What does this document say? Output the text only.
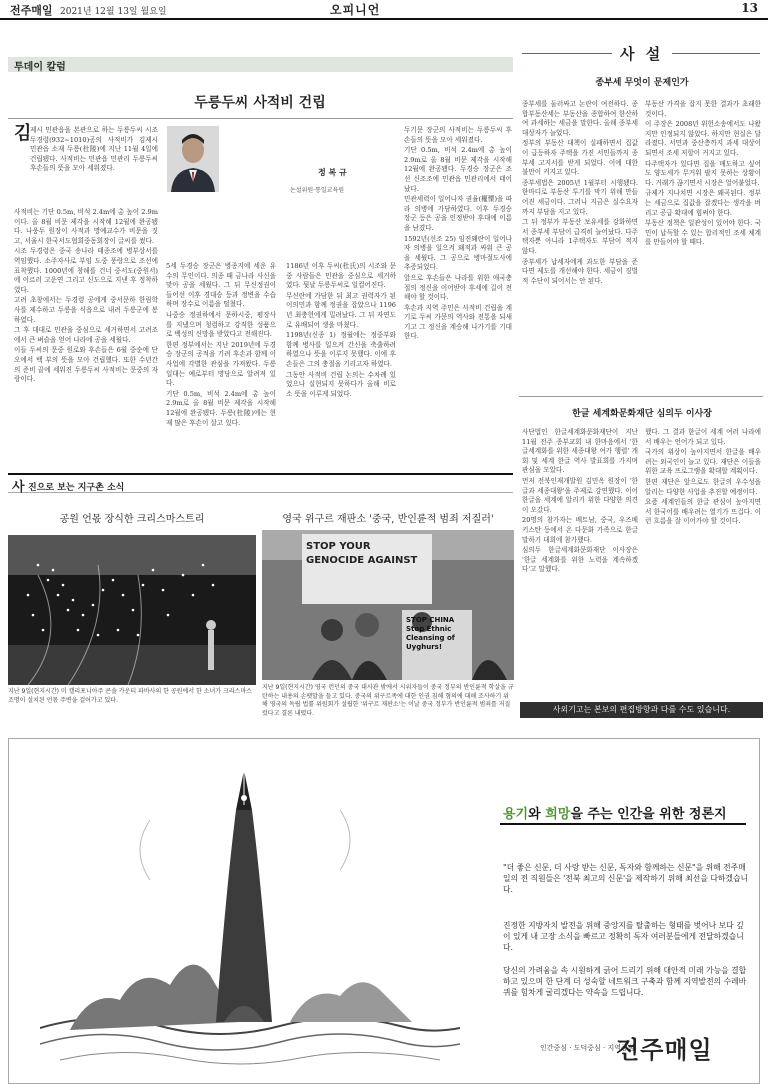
전주매일 2021년 12월 13일 월요일	오피니언	13
투데이 칼럼
두릉두씨 사적비 건립
김

제시 민관읍을 본관으로 하는 두릉두씨 시조 두경령(932~1010)공의 사적비가 김제시 민관읍 소재 두릉(杜陵)에 지난 11월 4일에 건립됐다. 사적비는 민관읍 민관리 두릉두씨 후손들의 뜻을 모아 세워졌다.

사적비는 기단 0.5m, 비석 2.4m에 총 높이 2.9m이다. 올 8월 비문 제각을 시작해 12월에 완공됐다. 나웅두 원장이 사적과 명예교수가 비문을 짓고, 서울시 한국서도협회중동회장이 글씨를 썼다.

시조 두경령은 중국 송나라 태종조에 병부상서를 역임했다. 소주자사로 부임 도중 풍랑으로 조선에 표착했다. 1000년에 창해를 건너 중서도(중원서)에 이르러 고운연 그리고 신도으로 지낸 후 정착하였다.

고려 초창에서는 두경령 공에게 중서문하 한림학사를 제수하고 두릉을 식읍으로 내려 두릉군에 봉하였다.

그 후 대대로 민관을 중심으로 세거하면서 고려조에서 큰 벼슬을 얻어 나라에 공을 세웠다.

이들 두씨의 문중 원로와 후손들은 6월 중순에 단오에서 백 부의 뜻을 모아 건립했다. 또한 수년간의 준비 끝에 세워진 두릉두씨 사적비는 문중의 자랑이다.

정 복 규
논설위원·통일교육원

5세 두경승 장군은 병종지에 세운 유수의 무인이다. 의종 때 금나라 사신을 맞아 공을 세웠다. 그 뒤 무신정권이 들어선 이후 경대승 등과 정변을 수습하며 장수로 이름을 떨쳤다.

나중승 정권하에서 문하시중, 평장사를 지냈으며 청렴하고 강직한 성품으로 백성의 신망을 받았다고 전해진다.

한편 정부에서는 지난 2019년에 두경승 장군의 공적을 기려 후손과 함께 이 사업에 각별한 관심을 가져왔다. 두릉 일대는 예로부터 명당으로 알려져 있다.

기단 0.5m, 비석 2.4m에 총 높이 2.9m로 올 8월 비문 제각을 시작해 12월에 완공됐다. 두릉(杜陵)에는 현재 많은 후손이 살고 있다.

1186년 이후 두씨(杜氏)의 시조와 문중 사람들은 민관을 중심으로 세거하였다. 뒷날 두릉두씨로 일컬어진다.

무신란에 가담한 뒤 최고 권력자가 된 이의민과 함께 정권을 잡았으나 1196년 최충헌에게 밀려났다. 그 뒤 자연도로 유배되어 생을 마쳤다.

1198년(신종 1) 정월에는 정중부와 함께 병사를 일으켜 간신을 축출하려 하였으나 뜻을 이루지 못했다. 이에 후손들은 그의 충절을 기리고자 하였다.

그동안 사적비 건립 논의는 수차례 있었으나 실현되지 못하다가 올해 비로소 뜻을 이루게 되었다.

두기문 장군의 사적비는 두릉두씨 후손들의 뜻을 모아 세워졌다.

기단 0.5m, 비석 2.4m에 총 높이 2.9m로 올 8월 비문 제각을 시작해 12월에 완공됐다. 두경승 장군은 조선 신조조에 민관읍 민관리에서 태어났다.

민관세력이 일어나자 권율(權慄)을 따라 의병에 가담하였다. 이후 두경승 장군 등은 공을 인정받아 후대에 이름을 남겼다.

1592년(선조 25) 임진왜란이 일어나자 의병을 일으켜 왜적과 싸워 큰 공을 세웠다. 그 공으로 병마절도사에 추증되었다.

앞으로 후손들은 나라를 위한 애국충절의 정신을 이어받아 후세에 길이 전해야 할 것이다.

후손과 지역 주민은 사적비 건립을 계기로 두씨 가문의 역사와 전통을 되새기고 그 정신을 계승해 나가기를 기대한다.

사 진으로 보는 지구촌 소식
공원 언몫 장식한 크리스마스트리	영국 위구르 재판소 '중국, 반인륜적 범죄 저질러'
지난 9일(현지시간) 미 캘리포니아주 콘솔 카운티 파바사의 한 공원에서 한 소녀가 크리스마스 조명이 설치된 언몫 주변을 걸어가고 있다.
STOP YOUR GENOCIDE AGAINST
STOP CHINA Stop Ethnic Cleansing of Uyghurs!
지난 9일(현지시간) 영국 런던의 중국 대사관 밖에서 시위자들이 중국 정부의 반인륜적 학살을 규탄하는 내용의 손팻말을 들고 있다. 중국의 위구르족에 대한 인권 침해 혐의에 대해 조사하기 위해 영국의 독립 법률 위원회가 설립한 '위구르 재판소'는 이날 중국 정부가 반인륜적 범죄를 저질렀다고 결론 내렸다.
사 설
종부세 무엇이 문제인가

종부세를 둘러싸고 논란이 여전하다. 종합부동산세는 부동산을 종합하여 한산하여 과세하는 세금을 말한다. 올해 종부세 대상자가 늘었다.

정부의 부동산 대책이 실패하면서 집값이 급등하자 주택을 가진 서민들까지 종부세 고지서를 받게 되었다. 이에 대한 불만이 커지고 있다.

종부세법은 2005년 1월부터 시행됐다. 한마디로 부동산 투기를 막기 위해 만들어진 세금이다. 그러나 지금은 실수요자까지 부담을 지고 있다.

그 뒤 정부가 부동산 보유세를 강화하면서 종부세 부담이 급격히 늘어났다. 다주택자뿐 아니라 1주택자도 부담이 적지 않다.

종부세가 납세자에게 과도한 부담을 준다면 제도를 개선해야 한다. 세금이 징벌적 수단이 되어서는 안 된다.

부동산 가격을 잡지 못한 결과가 초래한 것이다.

이 주장은 2008년 위헌소송에서도 나왔지만 인정되지 않았다. 하지만 현실은 달라졌다. 서민과 중산층까지 과세 대상이 되면서 조세 저항이 커지고 있다.

다주택자가 있다면 집을 매도하고 싶어도 양도세가 무거워 팔지 못하는 상황이다. 거래가 끊기면서 시장은 얼어붙었다.

규제가 지나치면 시장은 왜곡된다. 정부는 세금으로 집값을 잡겠다는 생각을 버리고 공급 확대에 힘써야 한다.

부동산 정책은 일관성이 있어야 한다. 국민이 납득할 수 있는 합리적인 조세 체계를 만들어야 할 때다.

한글 세계화문화재단 심의두 이사장

사단법인 한글세계화문화재단이 지난 11월 전주 종부교회 내 한마음에서 '한글세계화를 위한 세종대왕 여가 행렬' 개회 및 세계 한글 역사 발표회를 가지며 관심을 모았다.

먼저 전북인재개발원 김민옥 원장이 '한글과 세종대왕'을 주제로 강연했다. 이어 한글을 세계에 알리기 위한 다양한 의견이 오갔다.

20명의 참가자는 베트남, 중국, 우즈베키스탄 등에서 온 다문화 가족으로 한글 말하기 대회에 참가했다.

심의두 한글세계화문화재단 이사장은 '한글 세계화를 위한 노력을 계속하겠다'고 말했다.

했다. 그 결과 한글이 세계 여러 나라에서 배우는 언어가 되고 있다.

국가의 위상이 높아지면서 한글을 배우려는 외국인이 늘고 있다. 재단은 이들을 위한 교육 프로그램을 확대할 계획이다.

한편 재단은 앞으로도 한글의 우수성을 알리는 다양한 사업을 추진할 예정이다.

요즘 세계인들의 한글 관심이 높아지면서 한국어를 배우려는 열기가 뜨겁다. 이런 흐름을 잘 이어가야 할 것이다.

사외기고는 본보의 편집방향과 다를 수도 있습니다.
용기와 희망을 주는 인간을 위한 정론지
"더 좋은 신문, 더 사랑 받는 신문, 독자와 함께하는 신문"을 위해 전주매일의 전 직원들은 '전북 최고의 신문'을 제작하기 위해 최선을 다하겠습니다.
진정한 지방자치 발전을 위해 중앙지를 탈출하는 형태를 벗어나 보다 깊이 있게 내 고장 소식을 빠르고 정확히 독자 여러분들에게 전달하겠습니다.
당신의 가려움을 속 시원하게 긁어 드리기 위해 대안적 미래 가능을 결합하고 있으며 한 단계 더 성숙할 네트워크 구축과 함께 지역발전의 수레바퀴를 힘차게 굴리겠다는 약속을 드립니다.
인간중심 · 도덕중심 · 지역중심
전주매일
